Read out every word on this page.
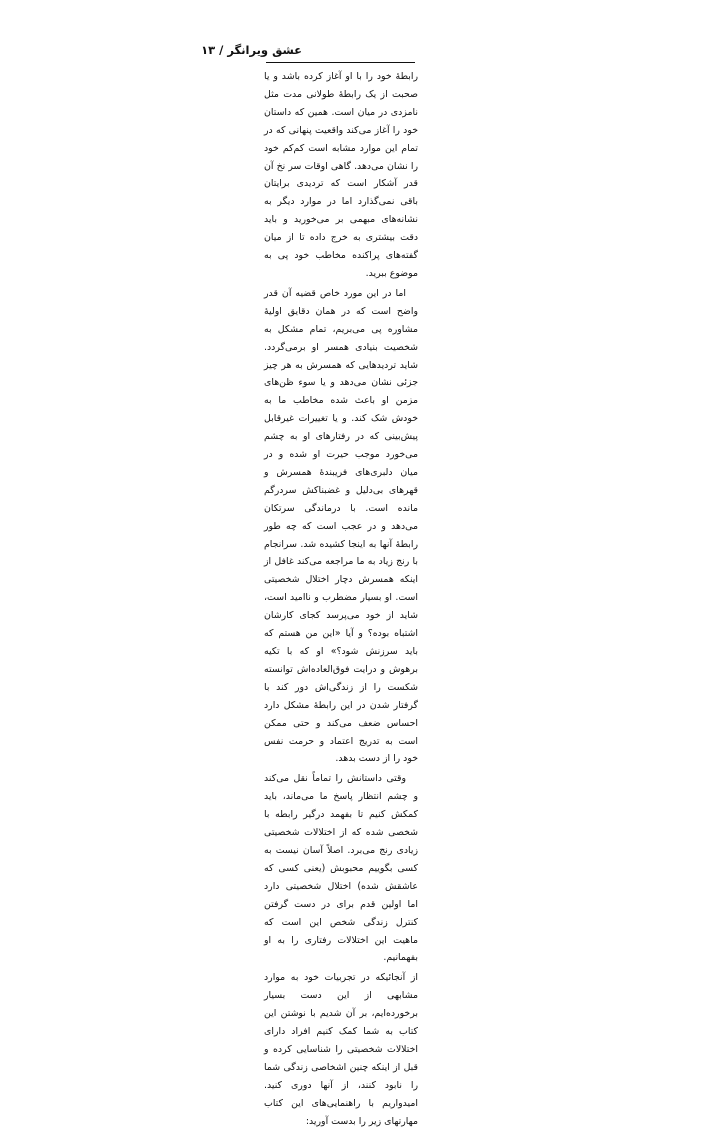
عشق ویرانگر / ۱۳

رابطهٔ خود را با او آغاز کرده باشد و یا صحبت از یک رابطهٔ طولانی مدت مثل نامزدی در میان است. همین که داستان خود را آغاز می‌کند واقعیت پنهانی که در تمام این موارد مشابه است کم‌کم خود را نشان می‌دهد. گاهی اوقات سر نخ آن قدر آشکار است که تردیدی برایتان باقی نمی‌گذارد اما در موارد دیگر به نشانه‌های مبهمی بر می‌خورید و باید دقت بیشتری به خرج داده تا از میان گفته‌های پراکنده مخاطب خود پی به موضوع ببرید.

اما در این مورد خاص قضیه آن قدر واضح است که در همان دقایق اولیهٔ مشاوره پی می‌بریم، تمام مشکل به شخصیت بنیادی همسر او برمی‌گردد. شاید تردیدهایی که همسرش به هر چیز جزئی نشان می‌دهد و یا سوء ظن‌های مزمن او باعث شده مخاطب ما به خودش شک کند. و یا تغییرات غیرقابل پیش‌بینی که در رفتارهای او به چشم می‌خورد موجب حیرت او شده و در میان دلبری‌های فریبندهٔ همسرش و قهرهای بی‌دلیل و غضبناکش سردرگم مانده است. با درماندگی سرتکان می‌دهد و در عجب است که چه طور رابطهٔ آنها به اینجا کشیده شد. سرانجام با رنج زیاد به ما مراجعه می‌کند غافل از اینکه همسرش دچار اختلال شخصیتی است. او بسیار مضطرب و ناامید است، شاید از خود می‌پرسد کجای کارشان اشتباه بوده؟ و آیا «این من هستم که باید سرزنش شود؟» او که با تکیه برهوش و درایت فوق‌العاده‌اش توانسته شکست را از زندگی‌اش دور کند با گرفتار شدن در این رابطهٔ مشکل دارد احساس ضعف می‌کند و حتی ممکن است به تدریج اعتماد و حرمت نفس خود را از دست بدهد.

وقتی داستانش را تماماً نقل می‌کند و چشم انتظار پاسخ ما می‌ماند، باید کمکش کنیم تا بفهمد درگیر رابطه با شخصی شده که از اختلالات شخصیتی زیادی رنج می‌برد. اصلاً آسان نیست به کسی بگوییم محبوبش (یعنی کسی که عاشقش شده) اختلال شخصیتی دارد اما اولین قدم برای در دست گرفتن کنترل زندگی شخص این است که ماهیت این اختلالات رفتاری را به او بفهمانیم.

از آنجائیکه در تجربیات خود به موارد مشابهی از این دست بسیار برخورده‌ایم، بر آن شدیم با نوشتن این کتاب به شما کمک کنیم افراد دارای اختلالات شخصیتی را شناسایی کرده و قبل از اینکه چنین اشخاصی زندگی شما را نابود کنند، از آنها دوری کنید. امیدواریم با راهنمایی‌های این کتاب مهارتهای زیر را بدست آورید:
